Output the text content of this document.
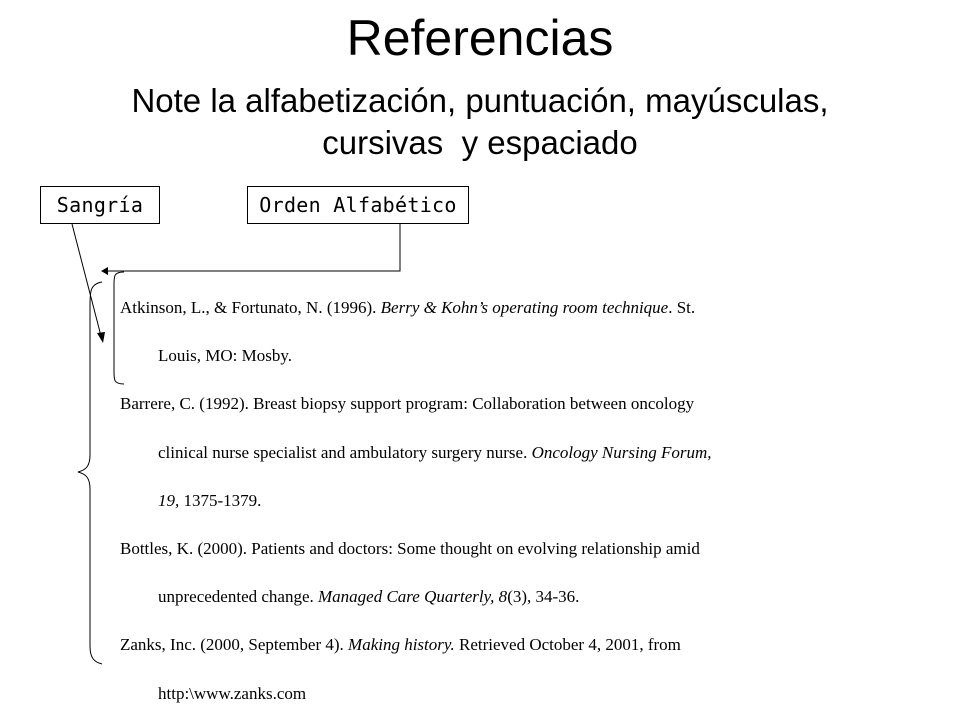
Referencias
Note la alfabetización, puntuación, mayúsculas,
cursivas  y espaciado
Sangría	Orden Alfabético
Atkinson, L., & Fortunato, N. (1996). Berry & Kohn’s operating room technique. St.
Louis, MO: Mosby.
Barrere, C. (1992). Breast biopsy support program: Collaboration between oncology
clinical nurse specialist and ambulatory surgery nurse. Oncology Nursing Forum,
19, 1375-1379.
Bottles, K. (2000). Patients and doctors: Some thought on evolving relationship amid
unprecedented change. Managed Care Quarterly, 8(3), 34-36.
Zanks, Inc. (2000, September 4). Making history. Retrieved October 4, 2001, from
http:\www.zanks.com
